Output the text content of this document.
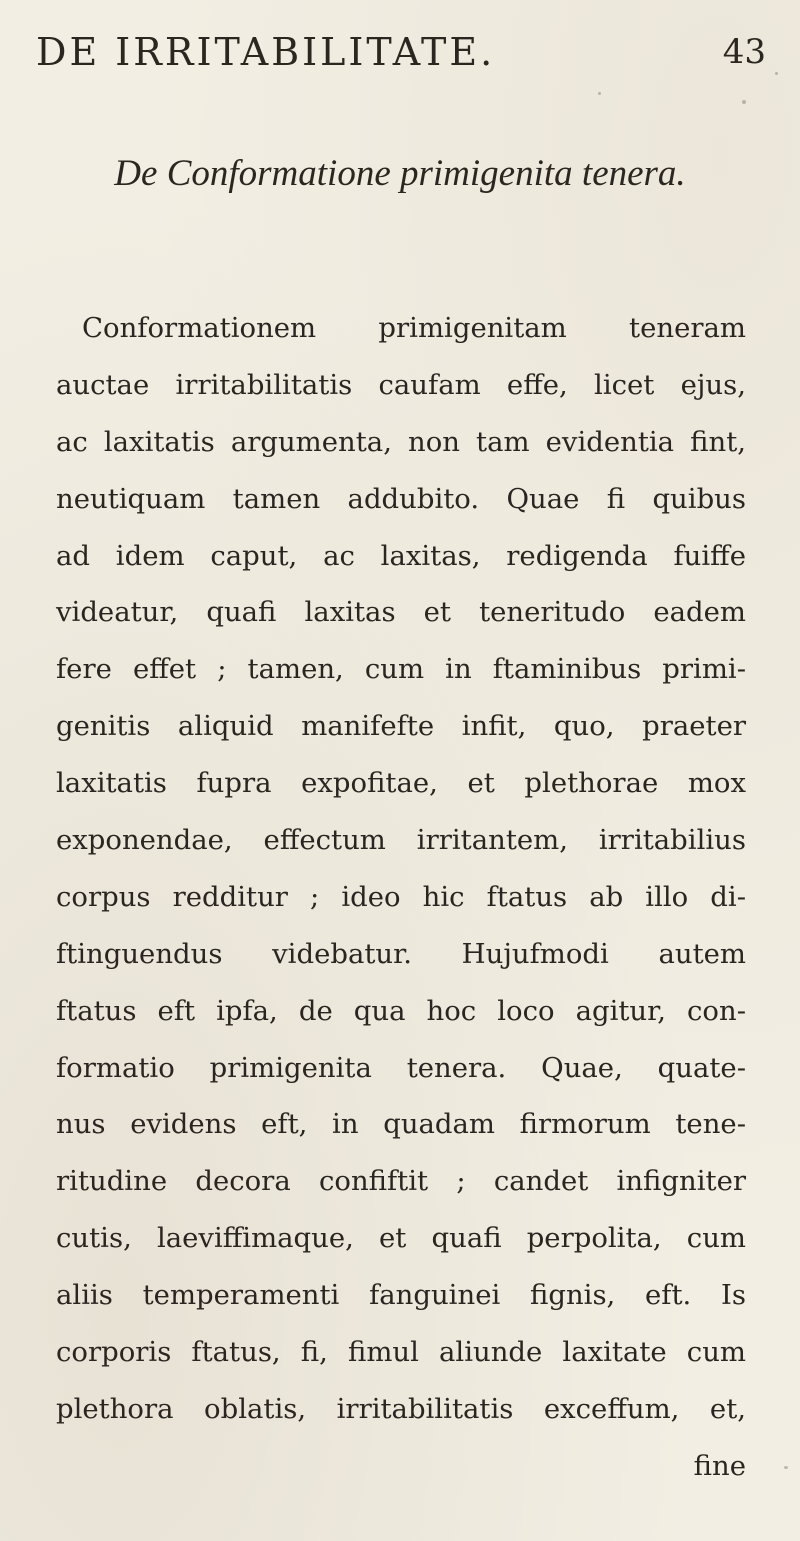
DE IRRITABILITATE.	43
De Conformatione primigenita tenera.
Conformationem primigenitam teneram
auctae irritabilitatis caufam effe, licet ejus,
ac laxitatis argumenta, non tam evidentia fint,
neutiquam tamen addubito. Quae fi quibus
ad idem caput, ac laxitas, redigenda fuiffe
videatur, quafi laxitas et teneritudo eadem
fere effet ; tamen, cum in ftaminibus primi-
genitis aliquid manifefte infit, quo, praeter
laxitatis fupra expofitae, et plethorae mox
exponendae, effectum irritantem, irritabilius
corpus redditur ; ideo hic ftatus ab illo di-
ftinguendus videbatur. Hujufmodi autem
ftatus eft ipfa, de qua hoc loco agitur, con-
formatio primigenita tenera. Quae, quate-
nus evidens eft, in quadam firmorum tene-
ritudine decora confiftit ; candet infigniter
cutis, laeviffimaque, et quafi perpolita, cum
aliis temperamenti fanguinei fignis, eft. Is
corporis ftatus, fi, fimul aliunde laxitate cum
plethora oblatis, irritabilitatis exceffum, et,
fine
